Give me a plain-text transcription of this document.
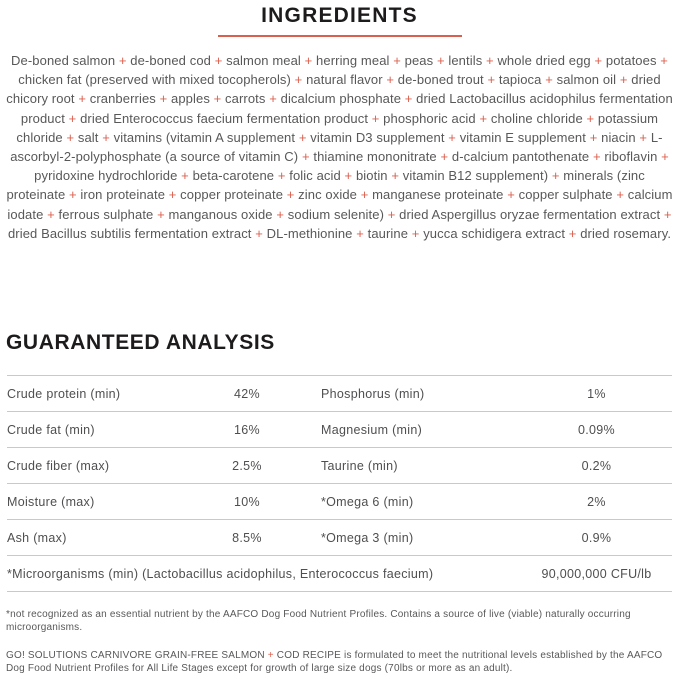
INGREDIENTS

De-boned salmon + de-boned cod + salmon meal + herring meal + peas + lentils + whole dried egg + potatoes + chicken fat (preserved with mixed tocopherols) + natural flavor + de-boned trout + tapioca + salmon oil + dried chicory root + cranberries + apples + carrots + dicalcium phosphate + dried Lactobacillus acidophilus fermentation product + dried Enterococcus faecium fermentation product + phosphoric acid + choline chloride + potassium chloride + salt + vitamins (vitamin A supplement + vitamin D3 supplement + vitamin E supplement + niacin + L-ascorbyl-2-polyphosphate (a source of vitamin C) + thiamine mononitrate + d-calcium pantothenate + riboflavin + pyridoxine hydrochloride + beta-carotene + folic acid + biotin + vitamin B12 supplement) + minerals (zinc proteinate + iron proteinate + copper proteinate + zinc oxide + manganese proteinate + copper sulphate + calcium iodate + ferrous sulphate + manganous oxide + sodium selenite) + dried Aspergillus oryzae fermentation extract + dried Bacillus subtilis fermentation extract + DL-methionine + taurine + yucca schidigera extract + dried rosemary.

GUARANTEED ANALYSIS
Crude protein (min)	42%	Phosphorus (min)	1%
Crude fat (min)	16%	Magnesium (min)	0.09%
Crude fiber (max)	2.5%	Taurine (min)	0.2%
Moisture (max)	10%	*Omega 6 (min)	2%
Ash (max)	8.5%	*Omega 3 (min)	0.9%
*Microorganisms (min) (Lactobacillus acidophilus, Enterococcus faecium)	90,000,000 CFU/lb

*not recognized as an essential nutrient by the AAFCO Dog Food Nutrient Profiles. Contains a source of live (viable) naturally occurring microorganisms.

GO! SOLUTIONS CARNIVORE GRAIN-FREE SALMON + COD RECIPE is formulated to meet the nutritional levels established by the AAFCO Dog Food Nutrient Profiles for All Life Stages except for growth of large size dogs (70lbs or more as an adult).
